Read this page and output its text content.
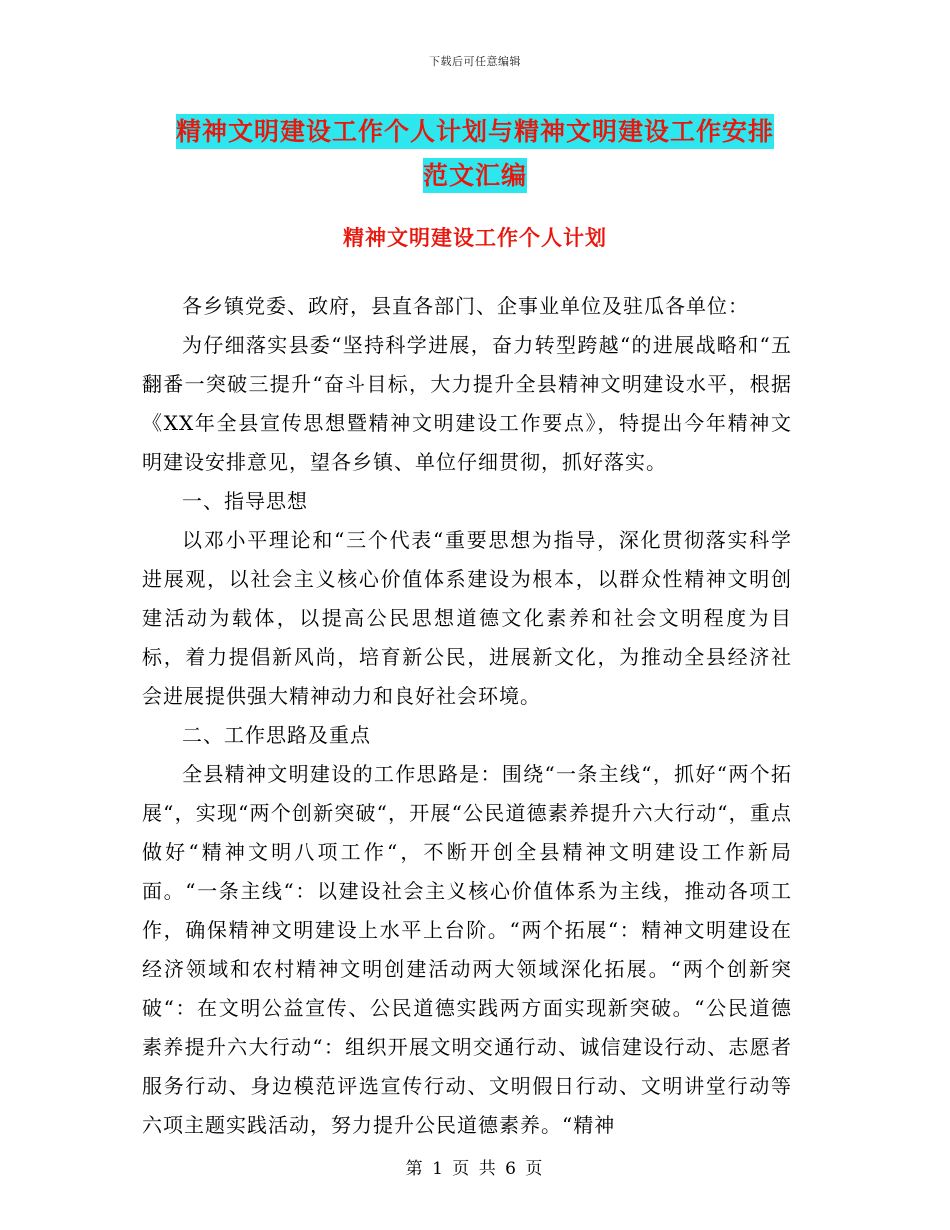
下载后可任意编辑
精神文明建设工作个人计划与精神文明建设工作安排
范文汇编
精神文明建设工作个人计划

各乡镇党委、政府，县直各部门、企事业单位及驻瓜各单位：

为仔细落实县委“坚持科学进展，奋力转型跨越“的进展战略和“五翻番一突破三提升“奋斗目标，大力提升全县精神文明建设水平，根据《XX年全县宣传思想暨精神文明建设工作要点》，特提出今年精神文明建设安排意见，望各乡镇、单位仔细贯彻，抓好落实。

一、指导思想

以邓小平理论和“三个代表“重要思想为指导，深化贯彻落实科学进展观，以社会主义核心价值体系建设为根本，以群众性精神文明创建活动为载体，以提高公民思想道德文化素养和社会文明程度为目标，着力提倡新风尚，培育新公民，进展新文化，为推动全县经济社会进展提供强大精神动力和良好社会环境。

二、工作思路及重点

全县精神文明建设的工作思路是：围绕“一条主线“，抓好“两个拓展“，实现“两个创新突破“，开展“公民道德素养提升六大行动“，重点做好“精神文明八项工作“，不断开创全县精神文明建设工作新局面。“一条主线“：以建设社会主义核心价值体系为主线，推动各项工作，确保精神文明建设上水平上台阶。“两个拓展“：精神文明建设在经济领域和农村精神文明创建活动两大领域深化拓展。“两个创新突破“：在文明公益宣传、公民道德实践两方面实现新突破。“公民道德素养提升六大行动“：组织开展文明交通行动、诚信建设行动、志愿者服务行动、身边模范评选宣传行动、文明假日行动、文明讲堂行动等六项主题实践活动，努力提升公民道德素养。“精神

第 1 页 共 6 页
